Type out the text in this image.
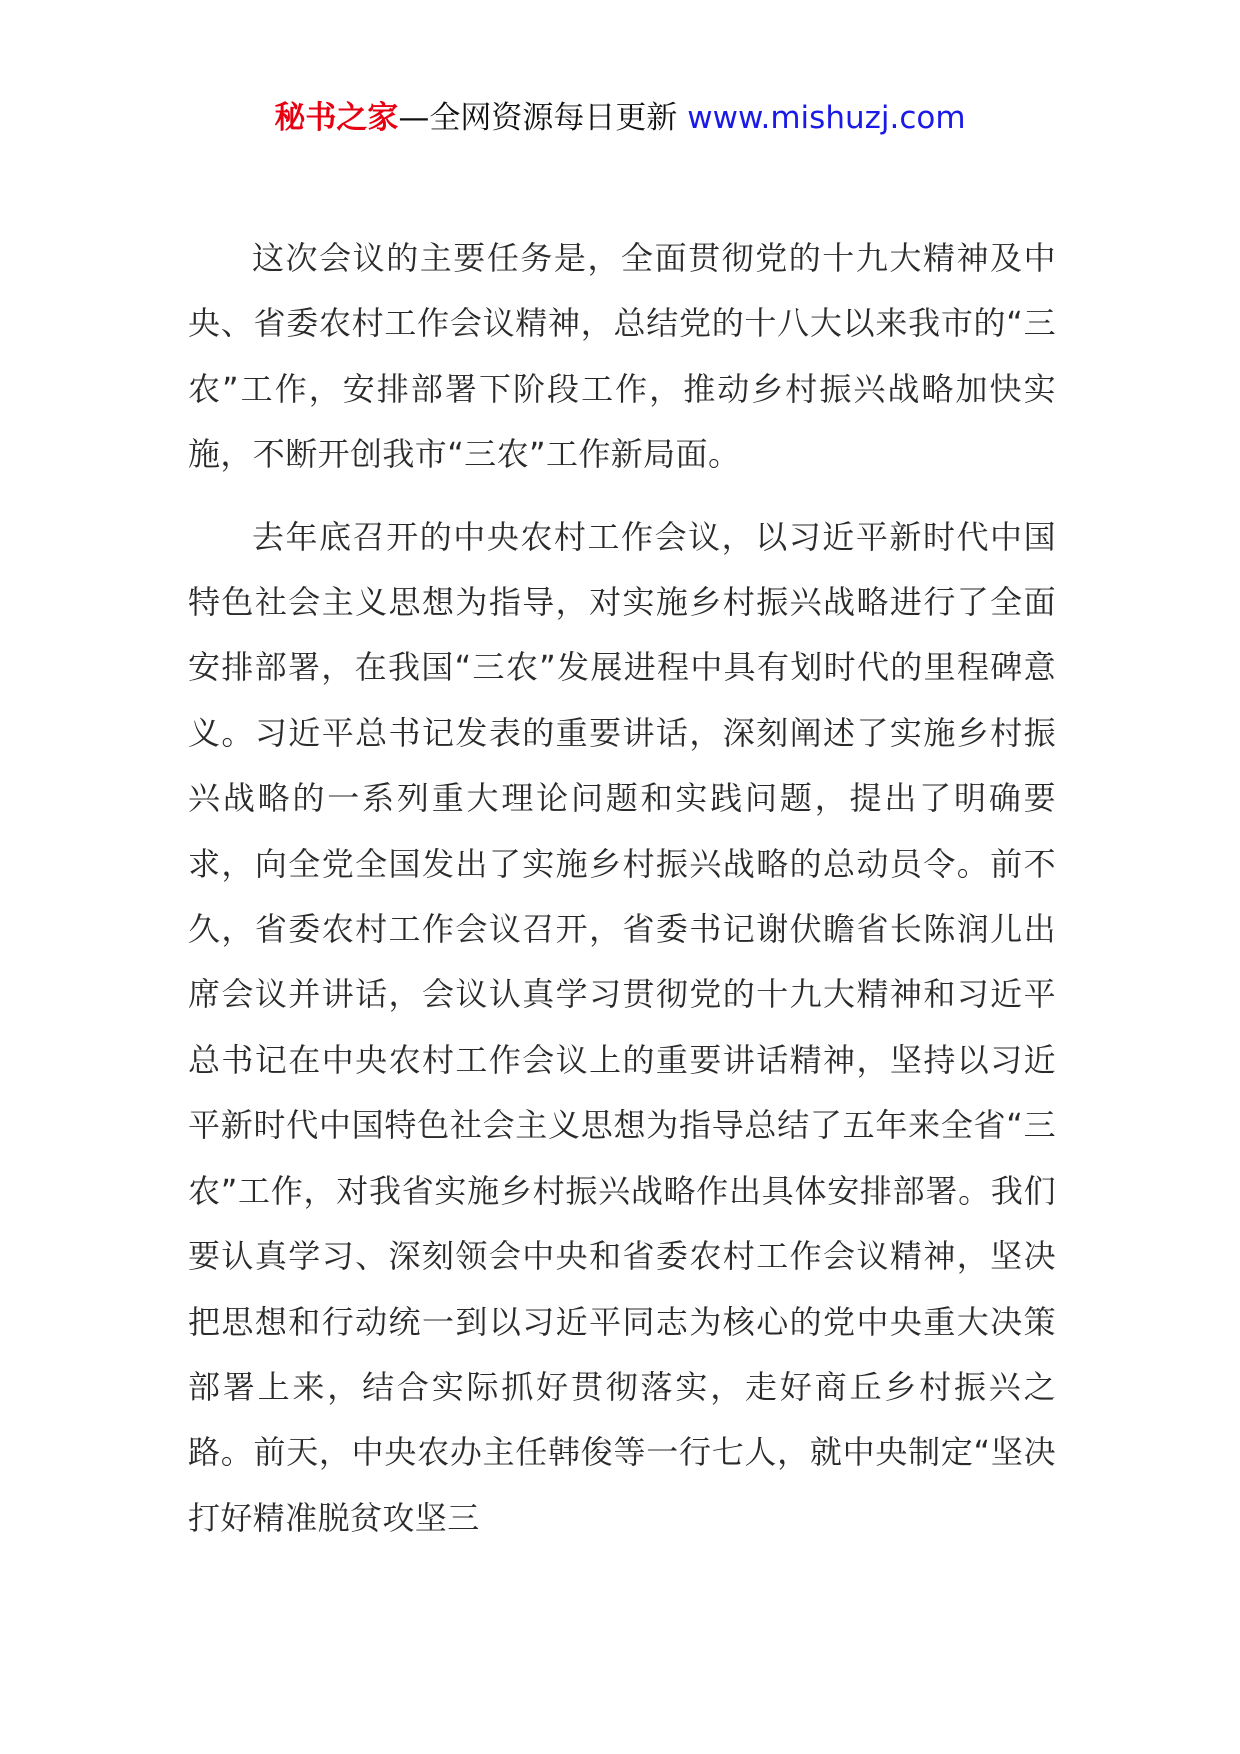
秘书之家—全网资源每日更新 www.mishuzj.com

这次会议的主要任务是，全面贯彻党的十九大精神及中央、省委农村工作会议精神，总结党的十八大以来我市的“三农”工作，安排部署下阶段工作，推动乡村振兴战略加快实施，不断开创我市“三农”工作新局面。

去年底召开的中央农村工作会议，以习近平新时代中国特色社会主义思想为指导，对实施乡村振兴战略进行了全面安排部署，在我国“三农”发展进程中具有划时代的里程碑意义。习近平总书记发表的重要讲话，深刻阐述了实施乡村振兴战略的一系列重大理论问题和实践问题，提出了明确要求，向全党全国发出了实施乡村振兴战略的总动员令。前不久，省委农村工作会议召开，省委书记谢伏瞻省长陈润儿出席会议并讲话，会议认真学习贯彻党的十九大精神和习近平总书记在中央农村工作会议上的重要讲话精神，坚持以习近平新时代中国特色社会主义思想为指导总结了五年来全省“三农”工作，对我省实施乡村振兴战略作出具体安排部署。我们要认真学习、深刻领会中央和省委农村工作会议精神，坚决把思想和行动统一到以习近平同志为核心的党中央重大决策部署上来，结合实际抓好贯彻落实，走好商丘乡村振兴之路。前天，中央农办主任韩俊等一行七人，就中央制定“坚决打好精准脱贫攻坚三
